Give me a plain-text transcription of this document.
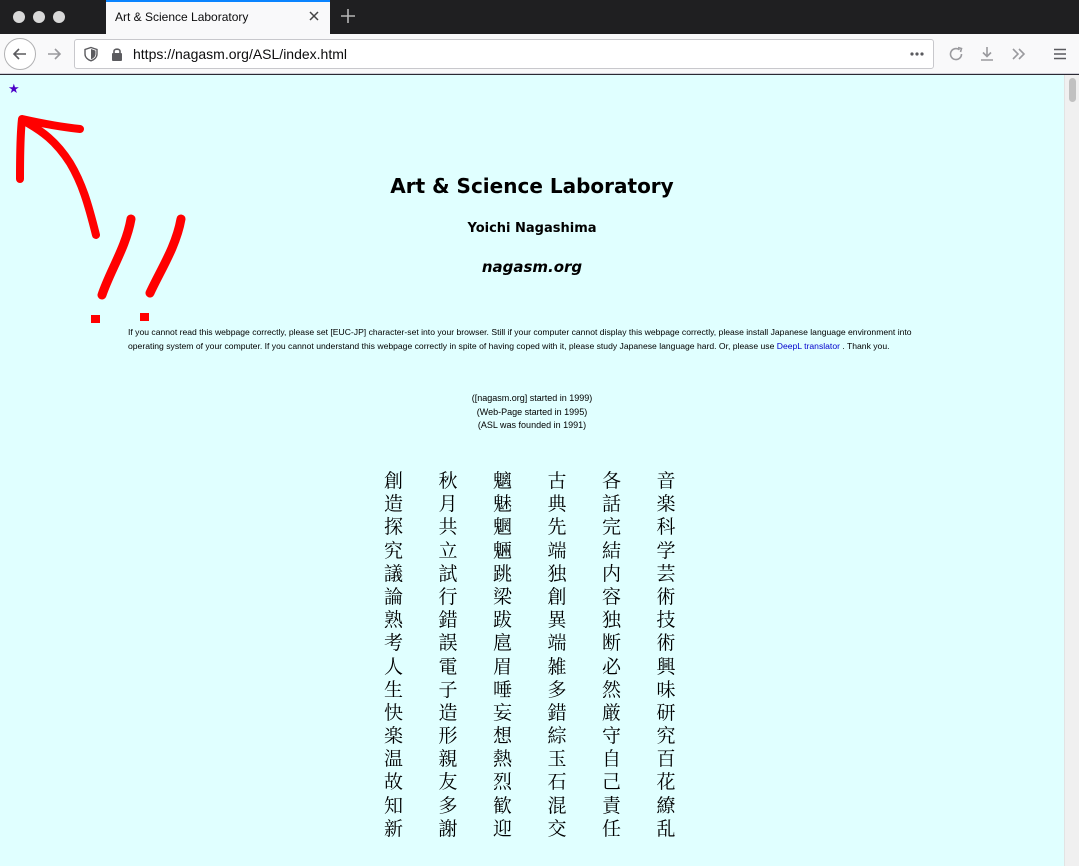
Art & Science Laboratory
https://nagasm.org/ASL/index.html
★
Art & Science Laboratory
Yoichi Nagashima
nagasm.org
If you cannot read this webpage correctly, please set [EUC-JP] character-set into your browser. Still if your computer cannot display this webpage correctly, please install Japanese language environment into operating system of your computer. If you cannot understand this webpage correctly in spite of having coped with it, please study Japanese language hard. Or, please use DeepL translator . Thank you.
([nagasm.org] started in 1999)
(Web-Page started in 1995)
(ASL was founded in 1991)
創
造
探
究
議
論
熟
考
人
生
快
楽
温
故
知
新
秋
月
共
立
試
行
錯
誤
電
子
造
形
親
友
多
謝
魑
魅
魍
魎
跳
梁
跋
扈
眉
唾
妄
想
熱
烈
歓
迎
古
典
先
端
独
創
異
端
雑
多
錯
綜
玉
石
混
交
各
話
完
結
内
容
独
断
必
然
厳
守
自
己
責
任
音
楽
科
学
芸
術
技
術
興
味
研
究
百
花
繚
乱
